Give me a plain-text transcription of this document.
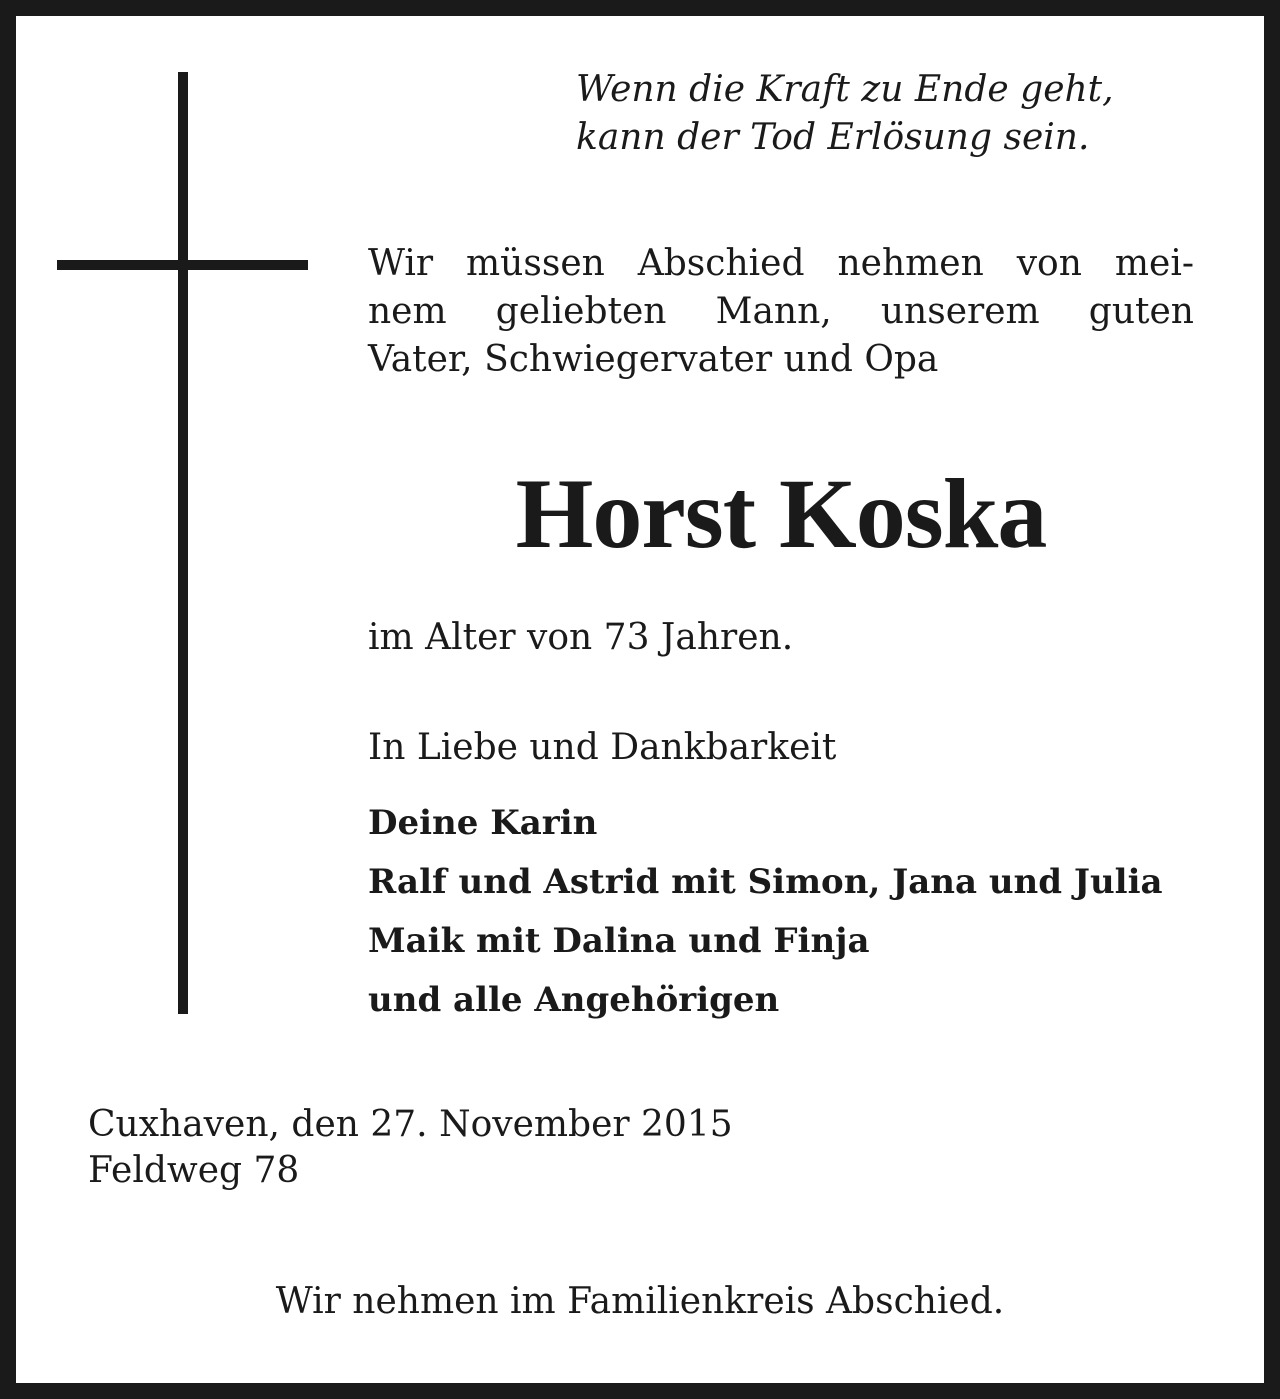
Wenn die Kraft zu Ende geht,
kann der Tod Erlösung sein.
Wir müssen Abschied nehmen von mei-
nem geliebten Mann, unserem guten
Vater, Schwiegervater und Opa
Horst Koska
im Alter von 73 Jahren.
In Liebe und Dankbarkeit
Deine Karin
Ralf und Astrid mit Simon, Jana und Julia
Maik mit Dalina und Finja
und alle Angehörigen
Cuxhaven, den 27. November 2015
Feldweg 78
Wir nehmen im Familienkreis Abschied.
